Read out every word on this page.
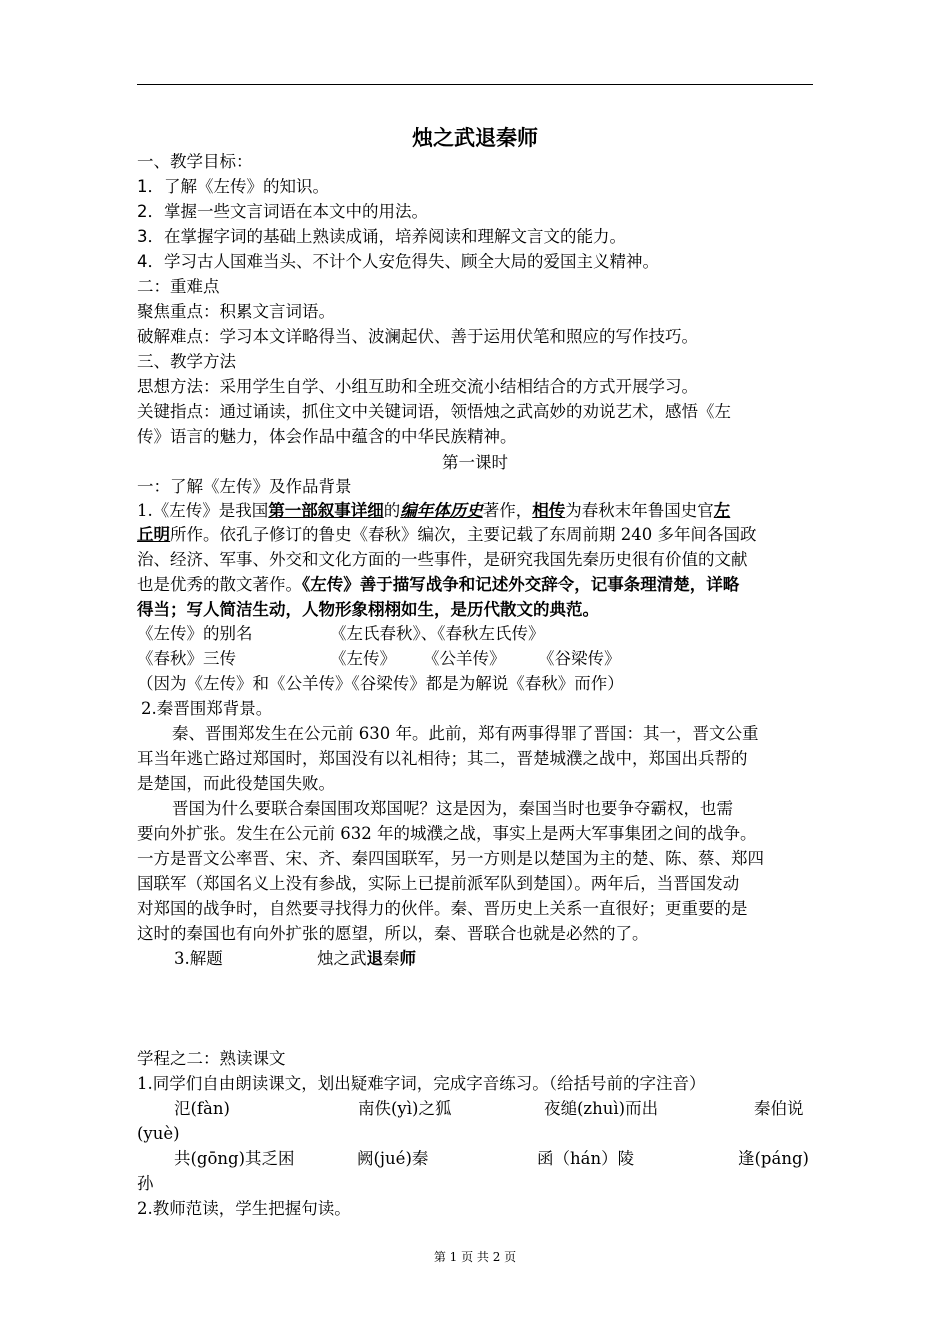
烛之武退秦师
一、教学目标：
1．了解《左传》的知识。
2．掌握一些文言词语在本文中的用法。
3．在掌握字词的基础上熟读成诵，培养阅读和理解文言文的能力。
4．学习古人国难当头、不计个人安危得失、顾全大局的爱国主义精神。
二：重难点
聚焦重点：积累文言词语。
破解难点：学习本文详略得当、波澜起伏、善于运用伏笔和照应的写作技巧。
三、教学方法
思想方法：采用学生自学、小组互助和全班交流小结相结合的方式开展学习。
关键指点：通过诵读，抓住文中关键词语，领悟烛之武高妙的劝说艺术，感悟《左
传》语言的魅力，体会作品中蕴含的中华民族精神。
第一课时
一：了解《左传》及作品背景
1.《左传》是我国第一部叙事详细的编年体历史著作，相传为春秋末年鲁国史官左
丘明所作。依孔子修订的鲁史《春秋》编次，主要记载了东周前期 240 多年间各国政
治、经济、军事、外交和文化方面的一些事件，是研究我国先秦历史很有价值的文献
也是优秀的散文著作。《左传》善于描写战争和记述外交辞令，记事条理清楚，详略
得当；写人简洁生动，人物形象栩栩如生，是历代散文的典范。
《左传》的别名	《左氏春秋》、《春秋左氏传》
《春秋》三传	《左传》 《公羊传》 《谷梁传》
（因为《左传》和《公羊传》《谷梁传》都是为解说《春秋》而作）
2.秦晋围郑背景。
秦、晋围郑发生在公元前 630 年。此前，郑有两事得罪了晋国：其一，晋文公重
耳当年逃亡路过郑国时，郑国没有以礼相待；其二，晋楚城濮之战中，郑国出兵帮的
是楚国，而此役楚国失败。
晋国为什么要联合秦国围攻郑国呢？这是因为，秦国当时也要争夺霸权，也需
要向外扩张。发生在公元前 632 年的城濮之战，事实上是两大军事集团之间的战争。
一方是晋文公率晋、宋、齐、秦四国联军，另一方则是以楚国为主的楚、陈、蔡、郑四
国联军（郑国名义上没有参战，实际上已提前派军队到楚国）。两年后，当晋国发动
对郑国的战争时，自然要寻找得力的伙伴。秦、晋历史上关系一直很好；更重要的是
这时的秦国也有向外扩张的愿望，所以，秦、晋联合也就是必然的了。
3.解题	烛之武退秦师
学程之二：熟读课文
1.同学们自由朗读课文，划出疑难字词，完成字音练习。（给括号前的字注音）
氾(fàn)	南佚(yì)之狐	夜缒(zhuì)而出	秦伯说
(yuè)
共(gōng)其乏困	阙(jué)秦	函（hán）陵	逢(páng)
孙
2.教师范读，学生把握句读。
第 1 页 共 2 页
